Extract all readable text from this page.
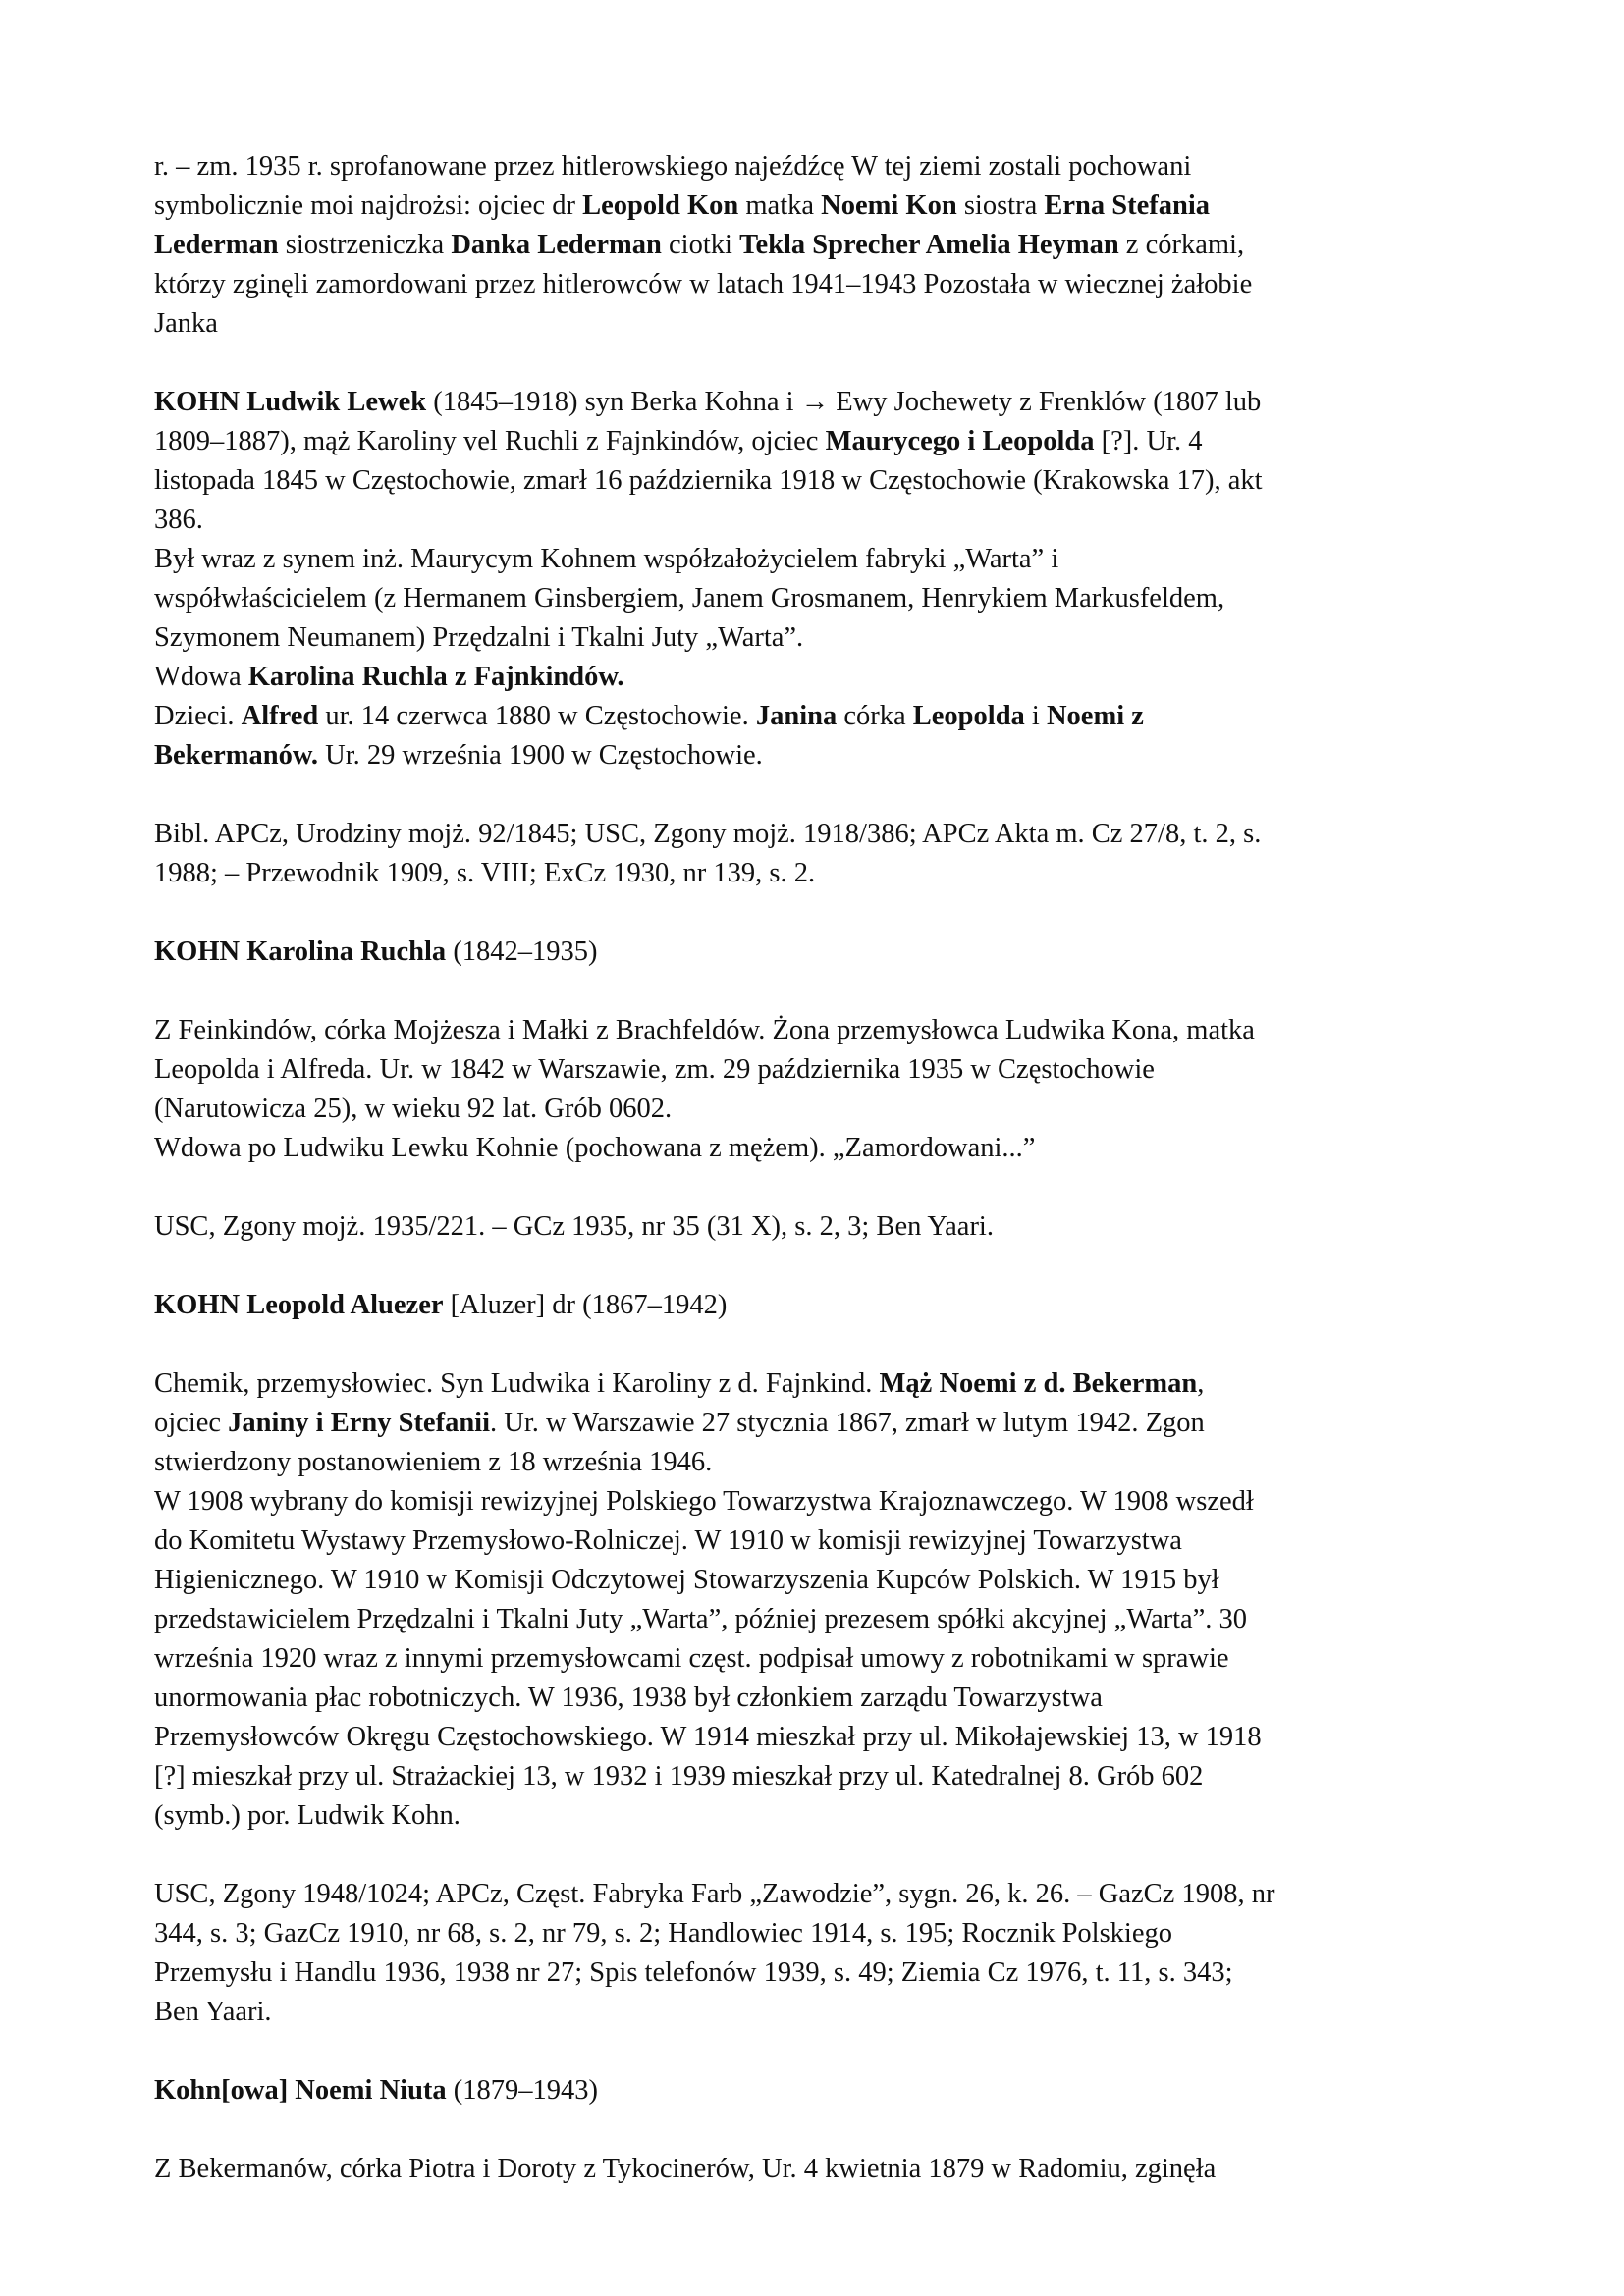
r. – zm. 1935 r. sprofanowane przez hitlerowskiego najeźdźcę W tej ziemi zostali pochowani
symbolicznie moi najdrożsi: ojciec dr Leopold Kon matka Noemi Kon siostra Erna Stefania
Lederman siostrzeniczka Danka Lederman ciotki Tekla Sprecher Amelia Heyman z córkami,
którzy zginęli zamordowani przez hitlerowców w latach 1941–1943 Pozostała w wiecznej żałobie
Janka
KOHN Ludwik Lewek (1845–1918) syn Berka Kohna i → Ewy Jochewety z Frenklów (1807 lub
1809–1887), mąż Karoliny vel Ruchli z Fajnkindów, ojciec Maurycego i Leopolda [?]. Ur. 4
listopada 1845 w Częstochowie, zmarł 16 października 1918 w Częstochowie (Krakowska 17), akt
386.
Był wraz z synem inż. Maurycym Kohnem współzałożycielem fabryki „Warta” i
współwłaścicielem (z Hermanem Ginsbergiem, Janem Grosmanem, Henrykiem Markusfeldem,
Szymonem Neumanem) Przędzalni i Tkalni Juty „Warta”.
Wdowa Karolina Ruchla z Fajnkindów.
Dzieci. Alfred ur. 14 czerwca 1880 w Częstochowie. Janina córka Leopolda i Noemi z
Bekermanów. Ur. 29 września 1900 w Częstochowie.
Bibl. APCz, Urodziny mojż. 92/1845; USC, Zgony mojż. 1918/386; APCz Akta m. Cz 27/8, t. 2, s.
1988; – Przewodnik 1909, s. VIII; ExCz 1930, nr 139, s. 2.
KOHN Karolina Ruchla (1842–1935)
Z Feinkindów, córka Mojżesza i Małki z Brachfeldów. Żona przemysłowca Ludwika Kona, matka
Leopolda i Alfreda. Ur. w 1842 w Warszawie, zm. 29 października 1935 w Częstochowie
(Narutowicza 25), w wieku 92 lat. Grób 0602.
Wdowa po Ludwiku Lewku Kohnie (pochowana z mężem). „Zamordowani...”
USC, Zgony mojż. 1935/221. – GCz 1935, nr 35 (31 X), s. 2, 3; Ben Yaari.
KOHN Leopold Aluezer [Aluzer] dr (1867–1942)
Chemik, przemysłowiec. Syn Ludwika i Karoliny z d. Fajnkind. Mąż Noemi z d. Bekerman,
ojciec Janiny i Erny Stefanii. Ur. w Warszawie 27 stycznia 1867, zmarł w lutym 1942. Zgon
stwierdzony postanowieniem z 18 września 1946.
W 1908 wybrany do komisji rewizyjnej Polskiego Towarzystwa Krajoznawczego. W 1908 wszedł
do Komitetu Wystawy Przemysłowo-Rolniczej. W 1910 w komisji rewizyjnej Towarzystwa
Higienicznego. W 1910 w Komisji Odczytowej Stowarzyszenia Kupców Polskich. W 1915 był
przedstawicielem Przędzalni i Tkalni Juty „Warta”, później prezesem spółki akcyjnej „Warta”. 30
września 1920 wraz z innymi przemysłowcami częst. podpisał umowy z robotnikami w sprawie
unormowania płac robotniczych. W 1936, 1938 był członkiem zarządu Towarzystwa
Przemysłowców Okręgu Częstochowskiego. W 1914 mieszkał przy ul. Mikołajewskiej 13, w 1918
[?] mieszkał przy ul. Strażackiej 13, w 1932 i 1939 mieszkał przy ul. Katedralnej 8. Grób 602
(symb.) por. Ludwik Kohn.
USC, Zgony 1948/1024; APCz, Częst. Fabryka Farb „Zawodzie”, sygn. 26, k. 26. – GazCz 1908, nr
344, s. 3; GazCz 1910, nr 68, s. 2, nr 79, s. 2; Handlowiec 1914, s. 195; Rocznik Polskiego
Przemysłu i Handlu 1936, 1938 nr 27; Spis telefonów 1939, s. 49; Ziemia Cz 1976, t. 11, s. 343;
Ben Yaari.
Kohn[owa] Noemi Niuta (1879–1943)
Z Bekermanów, córka Piotra i Doroty z Tykocinerów, Ur. 4 kwietnia 1879 w Radomiu, zginęła
